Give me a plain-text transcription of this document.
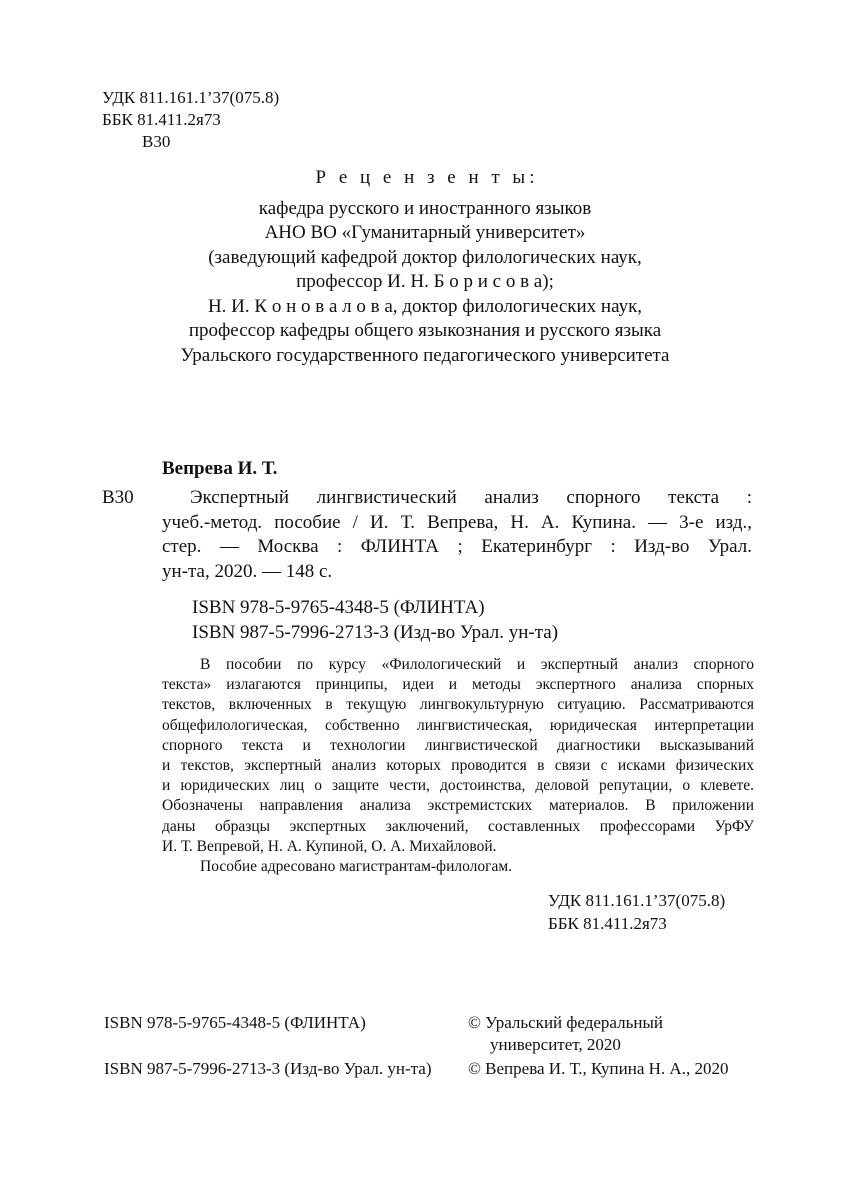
УДК 811.161.1’37(075.8)
ББК 81.411.2я73
В30
Р е ц е н з е н т ы:
кафедра русского и иностранного языков
АНО ВО «Гуманитарный университет»
(заведующий кафедрой доктор филологических наук,
профессор И. Н. Б о р и с о в а);
Н. И. К о н о в а л о в а, доктор филологических наук,
профессор кафедры общего языкознания и русского языка
Уральского государственного педагогического университета
Вепрева И. Т.
В30	Экспертный лингвистический анализ спорного текста :
учеб.-метод. пособие / И. Т. Вепрева, Н. А. Купина. — 3-е изд.,
стер. — Москва : ФЛИНТА ; Екатеринбург : Изд-во Урал.
ун-та, 2020. — 148 с.
ISBN 978-5-9765-4348-5 (ФЛИНТА)
ISBN 987-5-7996-2713-3 (Изд-во Урал. ун-та)
В пособии по курсу «Филологический и экспертный анализ спорного
текста» излагаются принципы, идеи и методы экспертного анализа спорных
текстов, включенных в текущую лингвокультурную ситуацию. Рассматриваются
общефилологическая, собственно лингвистическая, юридическая интерпретации
спорного текста и технологии лингвистической диагностики высказываний
и текстов, экспертный анализ которых проводится в связи с исками физических
и юридических лиц о защите чести, достоинства, деловой репутации, о клевете.
Обозначены направления анализа экстремистских материалов. В приложении
даны образцы экспертных заключений, составленных профессорами УрФУ
И. Т. Вепревой, Н. А. Купиной, О. А. Михайловой.
Пособие адресовано магистрантам-филологам.
УДК 811.161.1’37(075.8)
ББК 81.411.2я73
ISBN 978-5-9765-4348-5 (ФЛИНТА)
ISBN 987-5-7996-2713-3 (Изд-во Урал. ун-та)
© Уральский федеральный
университет, 2020
© Вепрева И. Т., Купина Н. А., 2020
